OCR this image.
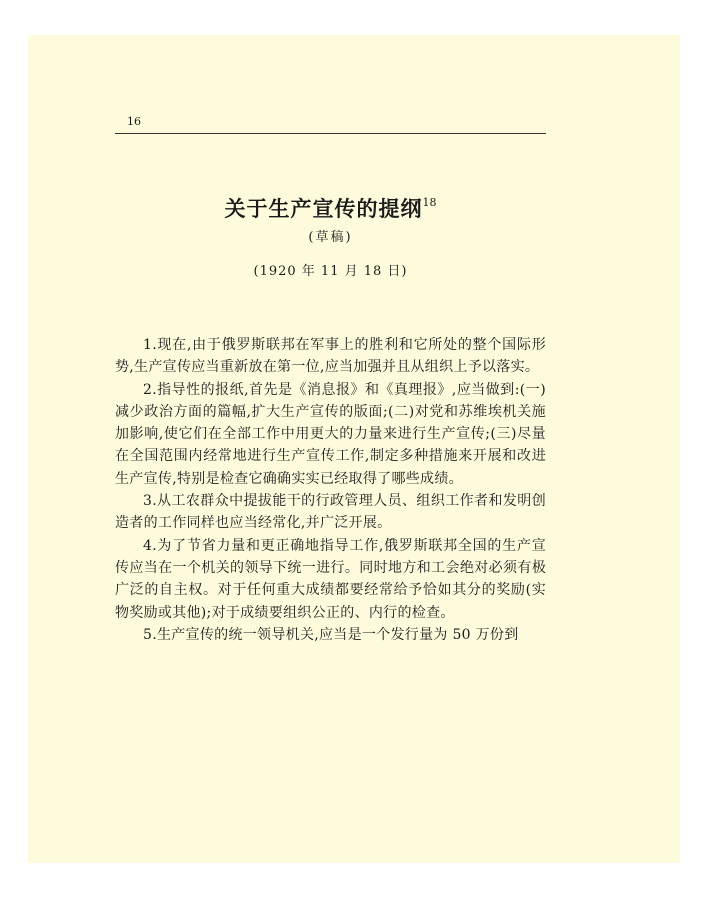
16
关于生产宣传的提纲$^{18}$
(草稿)
(1920 年 11 月 18 日)

1.现在,由于俄罗斯联邦在军事上的胜利和它所处的整个国际形势,生产宣传应当重新放在第一位,应当加强并且从组织上予以落实。

2.指导性的报纸,首先是《消息报》和《真理报》,应当做到:(一)减少政治方面的篇幅,扩大生产宣传的版面;(二)对党和苏维埃机关施加影响,使它们在全部工作中用更大的力量来进行生产宣传;(三)尽量在全国范围内经常地进行生产宣传工作,制定多种措施来开展和改进生产宣传,特别是检查它确确实实已经取得了哪些成绩。

3.从工农群众中提拔能干的行政管理人员、组织工作者和发明创造者的工作同样也应当经常化,并广泛开展。

4.为了节省力量和更正确地指导工作,俄罗斯联邦全国的生产宣传应当在一个机关的领导下统一进行。同时地方和工会绝对必须有极广泛的自主权。对于任何重大成绩都要经常给予恰如其分的奖励(实物奖励或其他);对于成绩要组织公正的、内行的检查。

5.生产宣传的统一领导机关,应当是一个发行量为 50 万份到
